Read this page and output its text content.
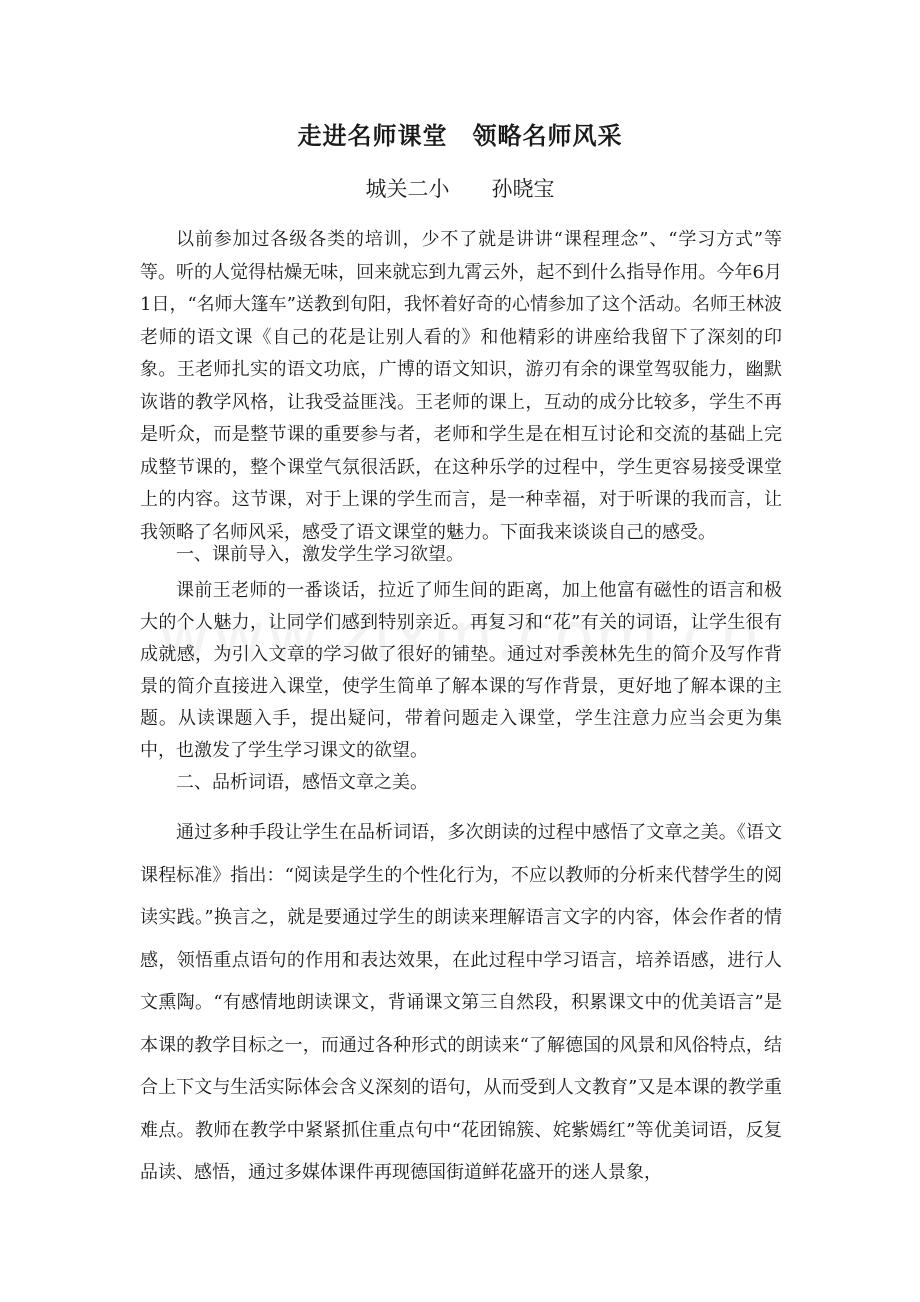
走进名师课堂　领略名师风采
城关二小　　孙晓宝

以前参加过各级各类的培训，少不了就是讲讲“课程理念”、“学习方式”等等。听的人觉得枯燥无味，回来就忘到九霄云外，起不到什么指导作用。今年6月1日，“名师大篷车”送教到旬阳，我怀着好奇的心情参加了这个活动。名师王林波老师的语文课《自己的花是让别人看的》和他精彩的讲座给我留下了深刻的印象。王老师扎实的语文功底，广博的语文知识，游刃有余的课堂驾驭能力，幽默诙谐的教学风格，让我受益匪浅。王老师的课上，互动的成分比较多，学生不再是听众，而是整节课的重要参与者，老师和学生是在相互讨论和交流的基础上完成整节课的，整个课堂气氛很活跃，在这种乐学的过程中，学生更容易接受课堂上的内容。这节课，对于上课的学生而言，是一种幸福，对于听课的我而言，让我领略了名师风采，感受了语文课堂的魅力。下面我来谈谈自己的感受。

一、课前导入，激发学生学习欲望。

课前王老师的一番谈话，拉近了师生间的距离，加上他富有磁性的语言和极大的个人魅力，让同学们感到特别亲近。再复习和“花”有关的词语，让学生很有成就感，为引入文章的学习做了很好的铺垫。通过对季羡林先生的简介及写作背景的简介直接进入课堂，使学生简单了解本课的写作背景，更好地了解本课的主题。从读课题入手，提出疑问，带着问题走入课堂，学生注意力应当会更为集中，也激发了学生学习课文的欲望。

二、品析词语，感悟文章之美。

通过多种手段让学生在品析词语，多次朗读的过程中感悟了文章之美。《语文课程标准》指出：“阅读是学生的个性化行为，不应以教师的分析来代替学生的阅读实践。”换言之，就是要通过学生的朗读来理解语言文字的内容，体会作者的情感，领悟重点语句的作用和表达效果，在此过程中学习语言，培养语感，进行人文熏陶。“有感情地朗读课文，背诵课文第三自然段，积累课文中的优美语言”是本课的教学目标之一，而通过各种形式的朗读来“了解德国的风景和风俗特点，结合上下文与生活实际体会含义深刻的语句，从而受到人文教育”又是本课的教学重难点。教师在教学中紧紧抓住重点句中“花团锦簇、姹紫嫣红”等优美词语，反复品读、感悟，通过多媒体课件再现德国街道鲜花盛开的迷人景象，
